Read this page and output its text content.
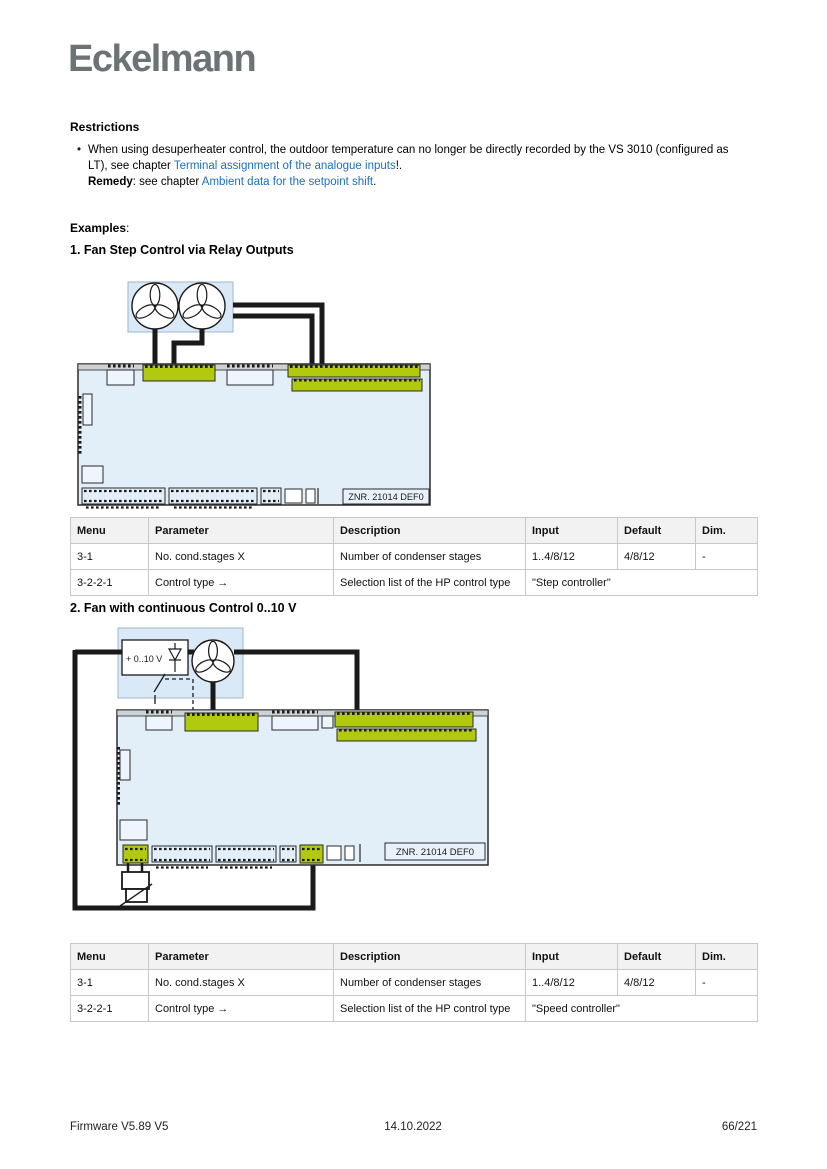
Eckelmann
Restrictions
• When using desuperheater control, the outdoor temperature can no longer be directly recorded by the VS 3010 (configured as LT), see chapter Terminal assignment of the analogue inputs!.
Remedy: see chapter Ambient data for the setpoint shift.
Examples:
1. Fan Step Control via Relay Outputs
ZNR. 21014 DEF0
Menu	Parameter	Description	Input	Default	Dim.
3-1	No. cond.stages X	Number of condenser stages	1..4/8/12	4/8/12	-
3-2-2-1	Control type →	Selection list of the HP control type	"Step controller"		
2. Fan with continuous Control 0..10 V
+ 0..10 V
ZNR. 21014 DEF0
Menu	Parameter	Description	Input	Default	Dim.
3-1	No. cond.stages X	Number of condenser stages	1..4/8/12	4/8/12	-
3-2-2-1	Control type →	Selection list of the HP control type	"Speed controller"		
Firmware V5.89 V5	14.10.2022	66/221
